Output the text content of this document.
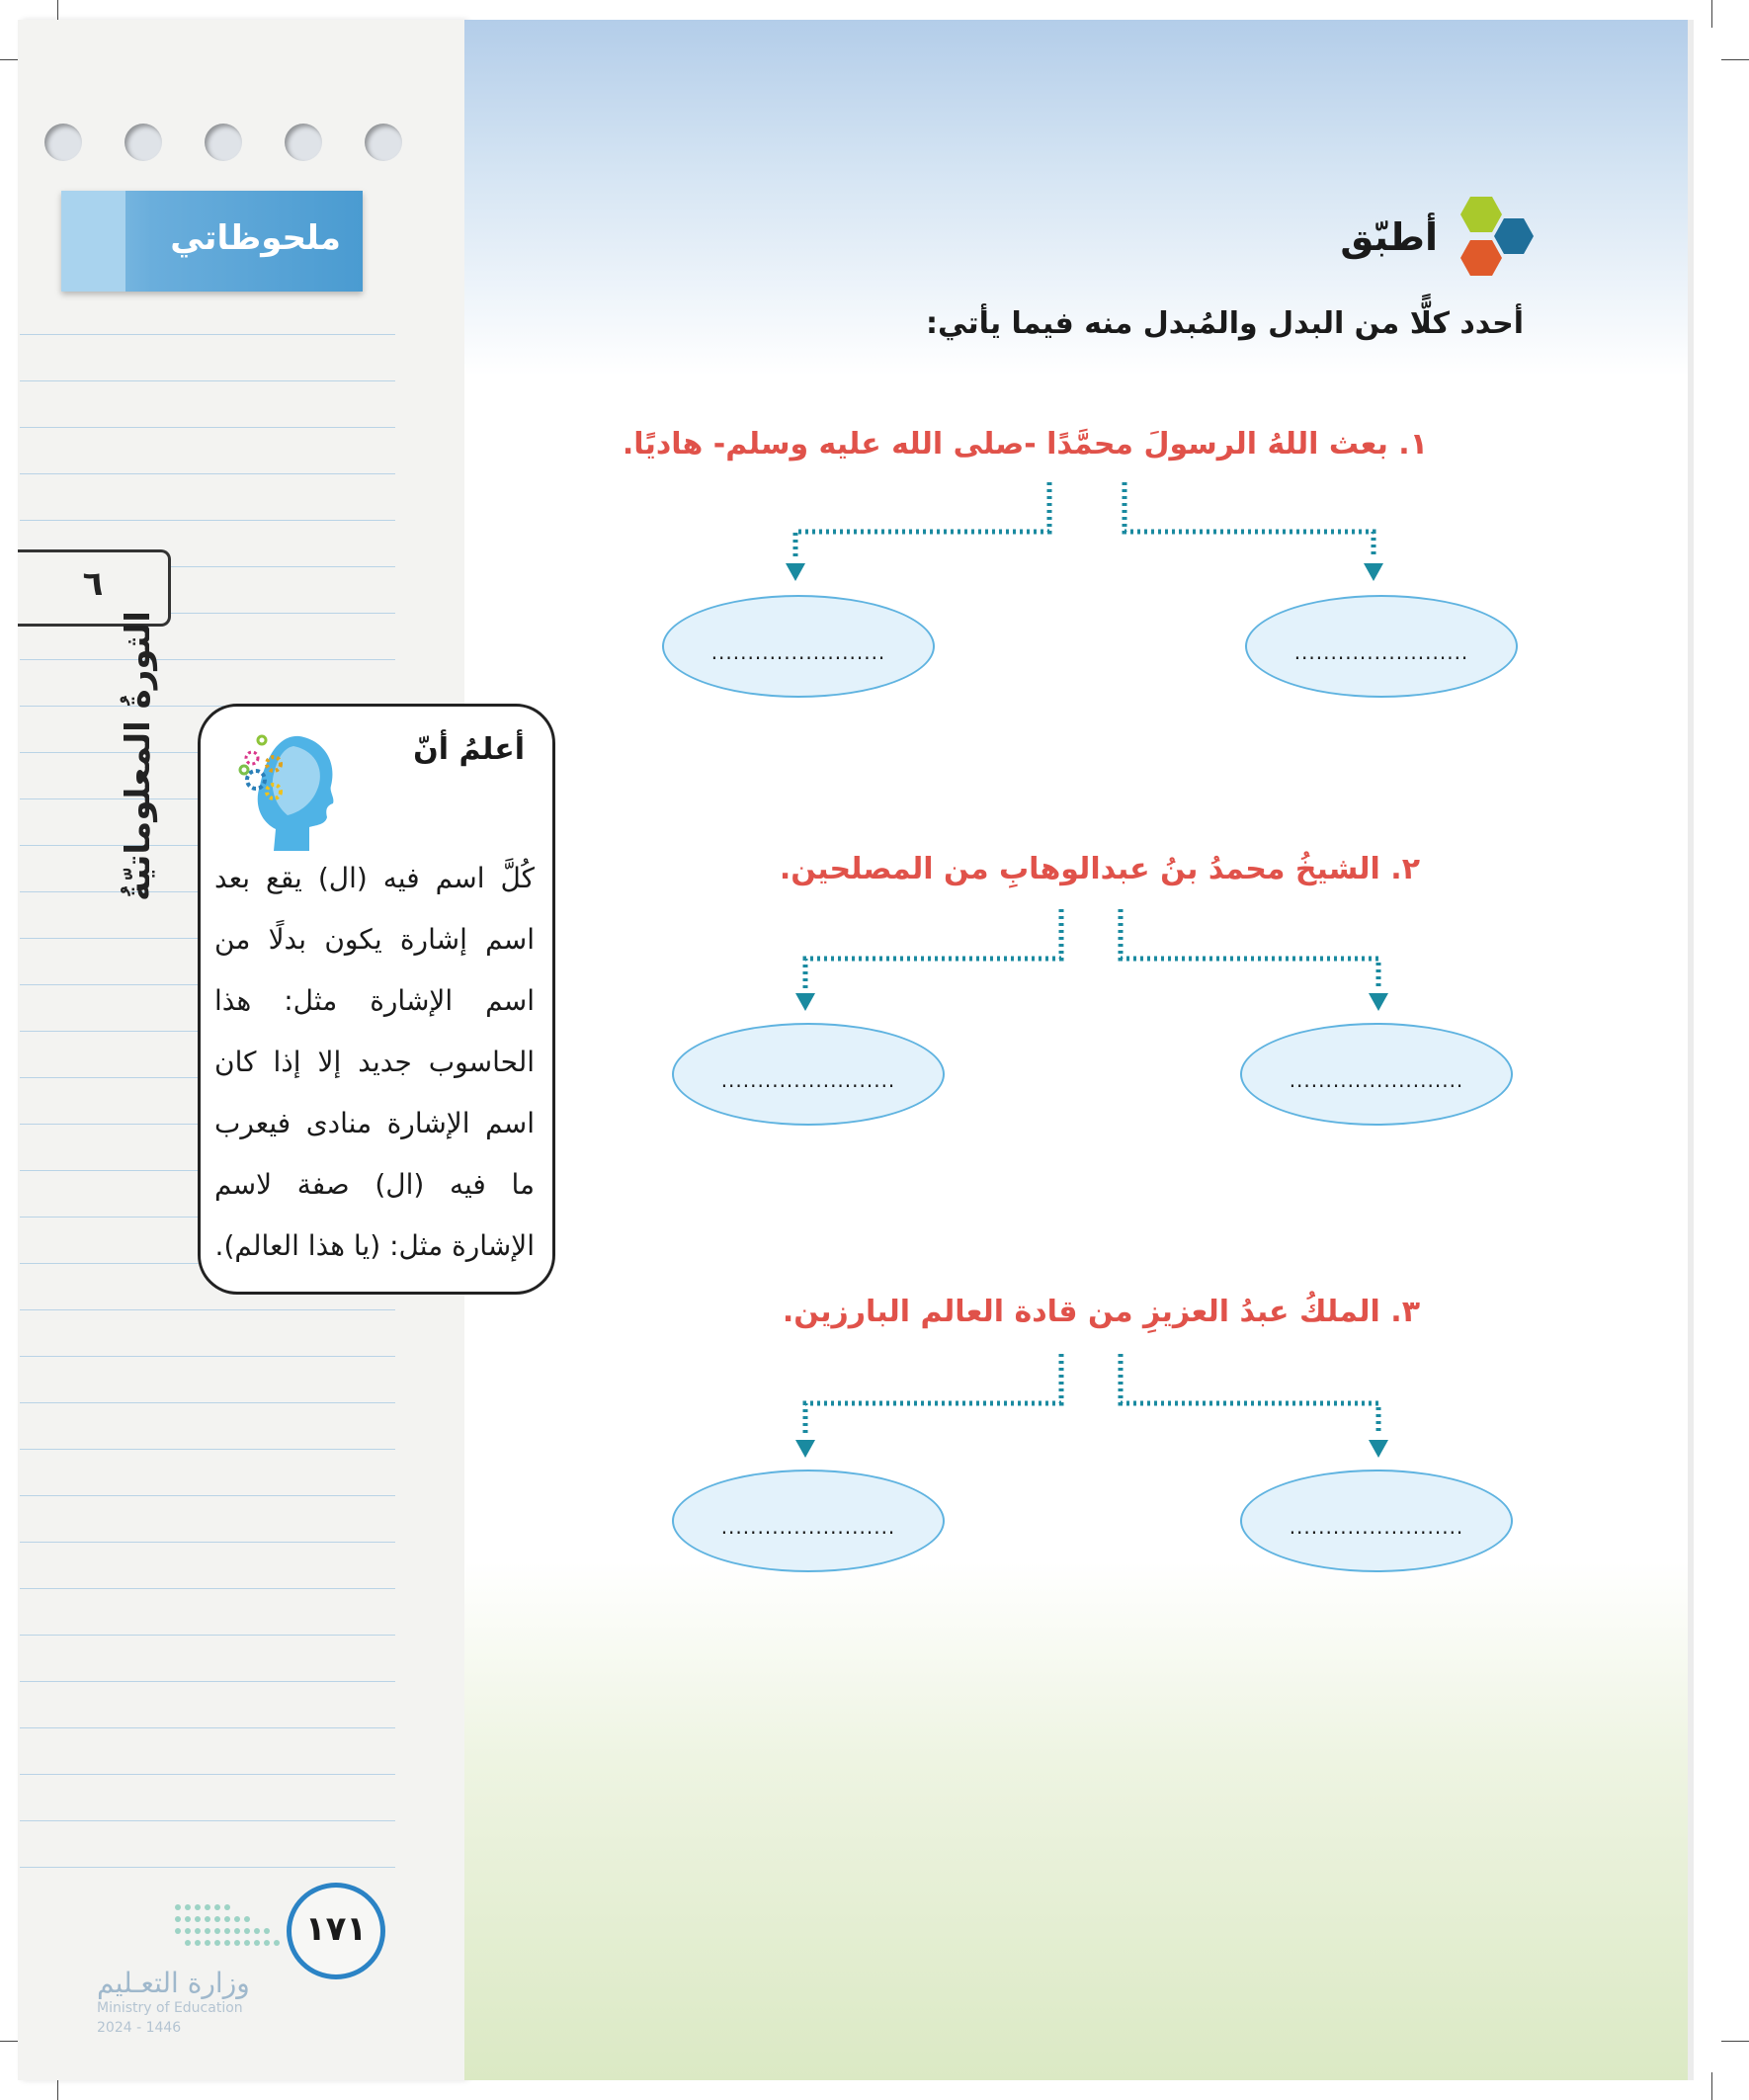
ملحوظاتي
٦
الثورةُ المعلوماتيّةُ	........................	........................
........................	........................
........................	........................
أطبّق
أحدد كلًّا من البدل والمُبدل منه فيما يأتي:
١. بعث اللهُ الرسولَ محمَّدًا -صلى الله عليه وسلم- هاديًا.
٢. الشيخُ محمدُ بنُ عبدالوهابِ من المصلحين.
٣. الملكُ عبدُ العزيزِ من قادة العالم البارزين.
أعلمُ أنّ
كُلَّ اسم فيه (ال) يقع بعد اسم إشارة يكون بدلًا من اسم الإشارة مثل: هذا الحاسوب جديد إلا إذا كان اسم الإشارة منادى فيعرب ما فيه (ال) صفة لاسم الإشارة مثل: (يا هذا العالم).
١٧١
وزارة التعـليم
Ministry of Education
2024 - 1446
